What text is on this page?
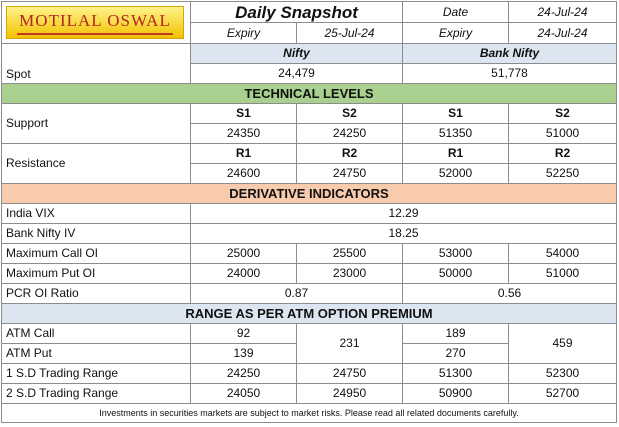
MOTILAL OSWAL	Daily Snapshot		Date	24-Jul-24
	Expiry	25-Jul-24	Expiry	24-Jul-24
Spot	Nifty		Bank Nifty	
	24,479		51,778	
TECHNICAL LEVELS				
Support	S1	S2	S1	S2
	24350	24250	51350	51000
Resistance	R1	R2	R1	R2
	24600	24750	52000	52250
DERIVATIVE INDICATORS				
India VIX	12.29			
Bank Nifty IV	18.25			
Maximum Call OI	25000	25500	53000	54000
Maximum Put OI	24000	23000	50000	51000
PCR OI Ratio	0.87		0.56	
RANGE AS PER ATM OPTION PREMIUM				
ATM Call	92	231	189	459
ATM Put	139		270	
1 S.D Trading Range	24250	24750	51300	52300
2 S.D Trading Range	24050	24950	50900	52700
Investments in securities markets are subject to market risks. Please read all related documents carefully.				
